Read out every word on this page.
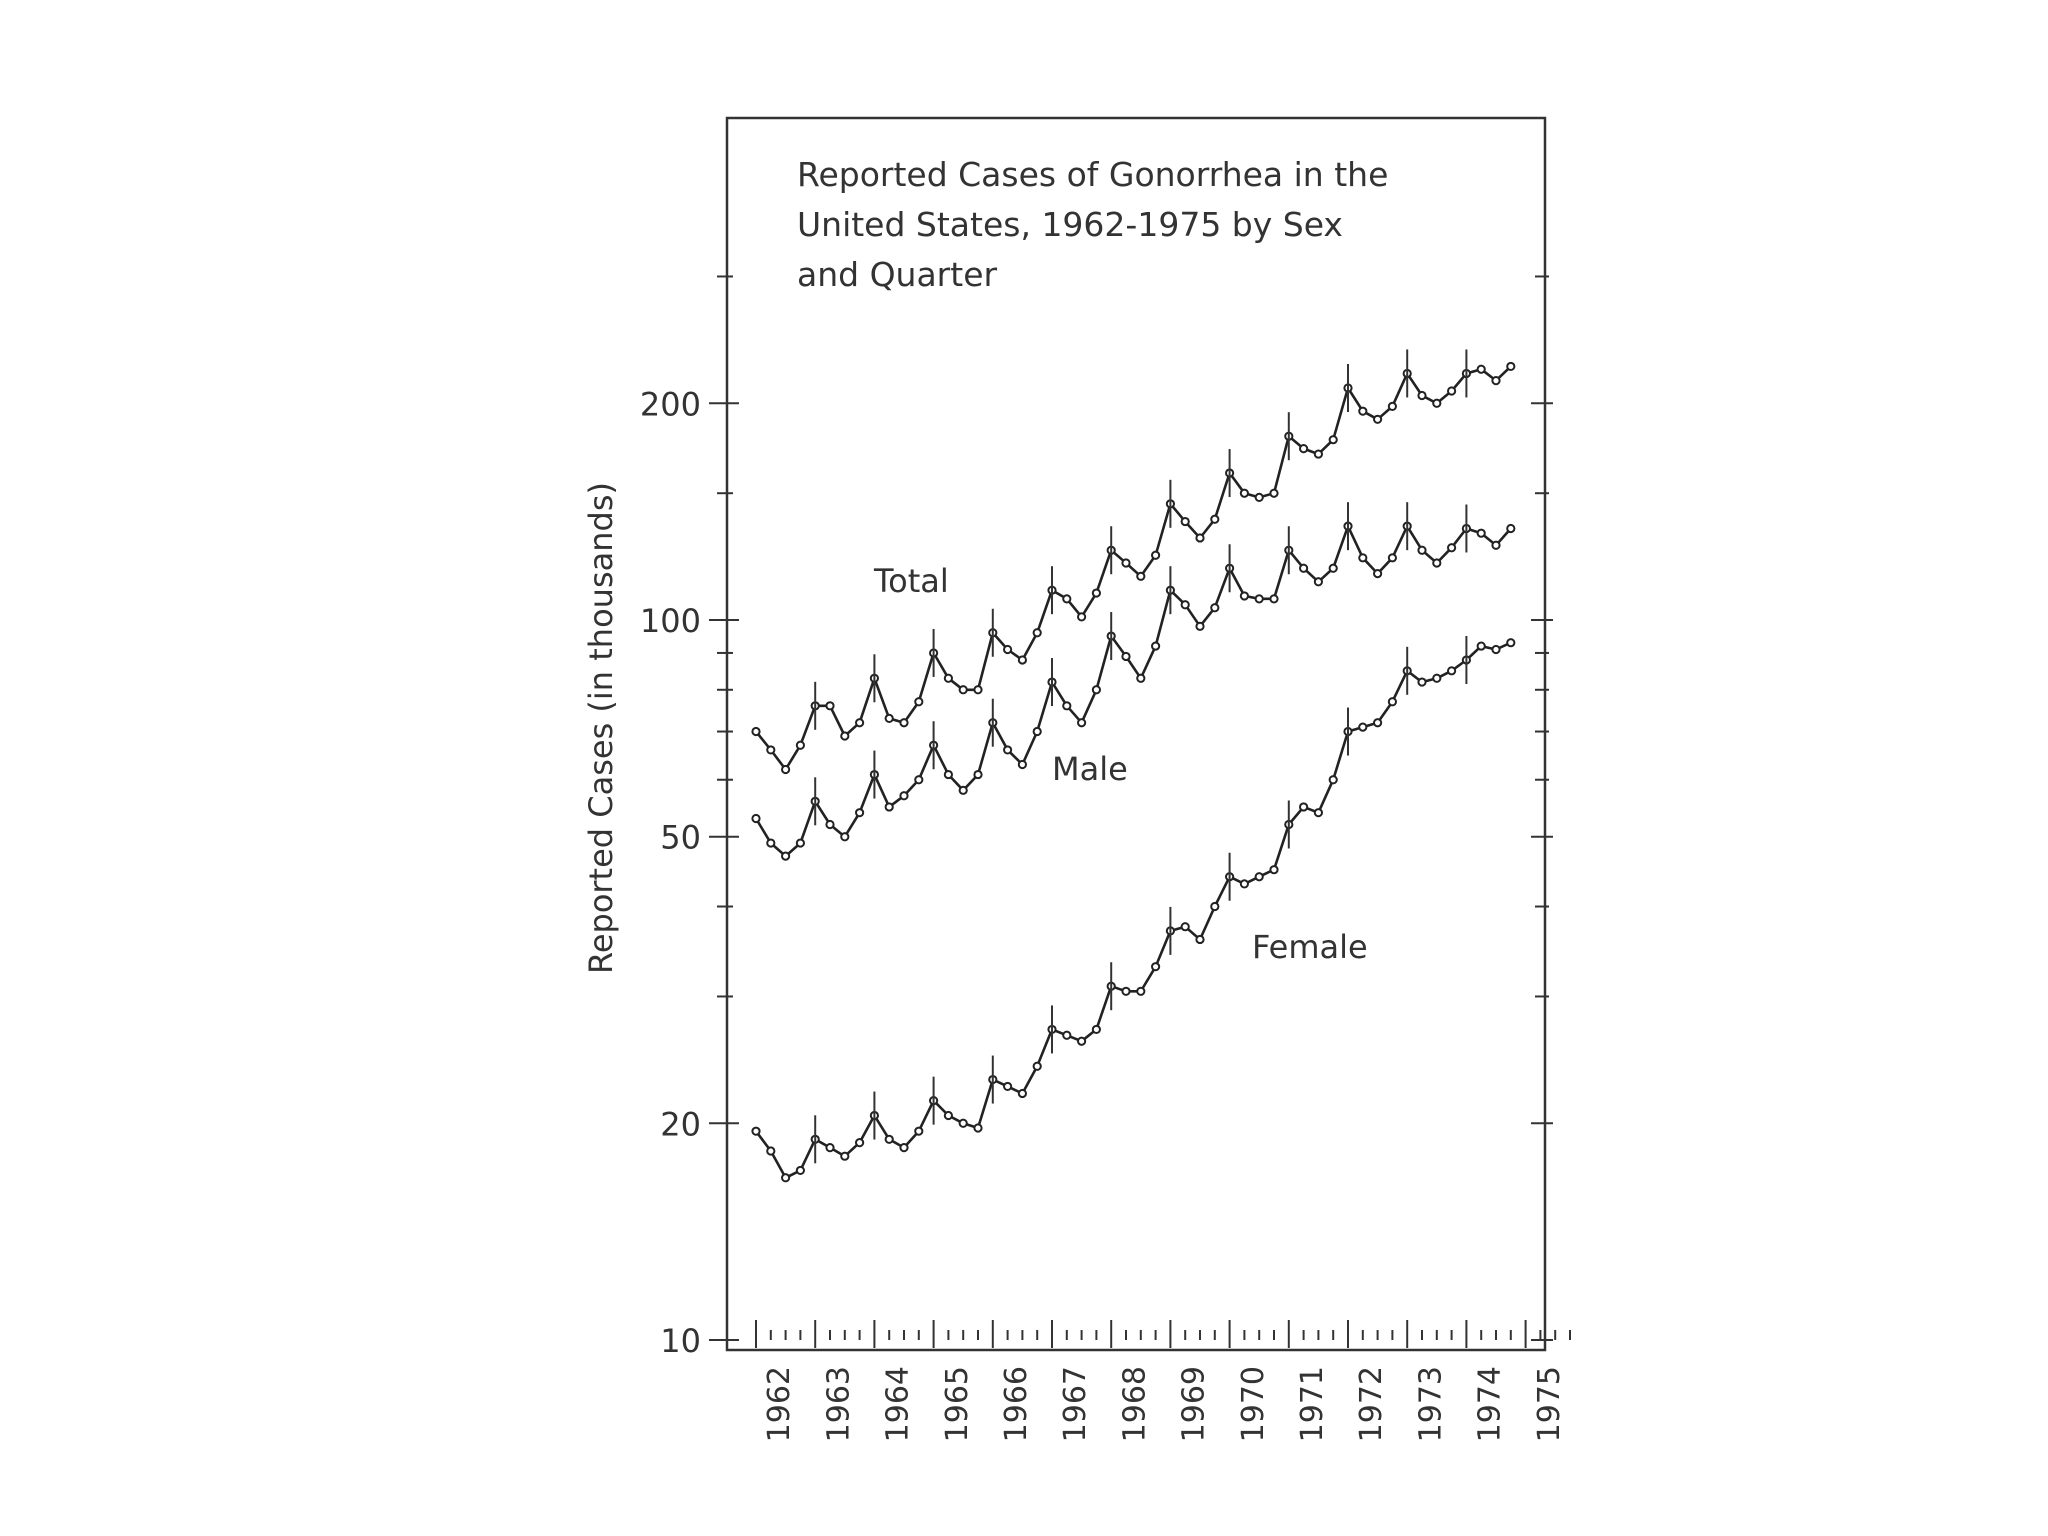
Reported Cases of Gonorrhea in the
United States, 1962-1975 by Sex
and Quarter
Reported Cases (in thousands)
10
20
50
100
200
1962 1963 1964 1965 1966 1967 1968 1969 1970 1971 1972 1973 1974 1975
Total
Male
Female
